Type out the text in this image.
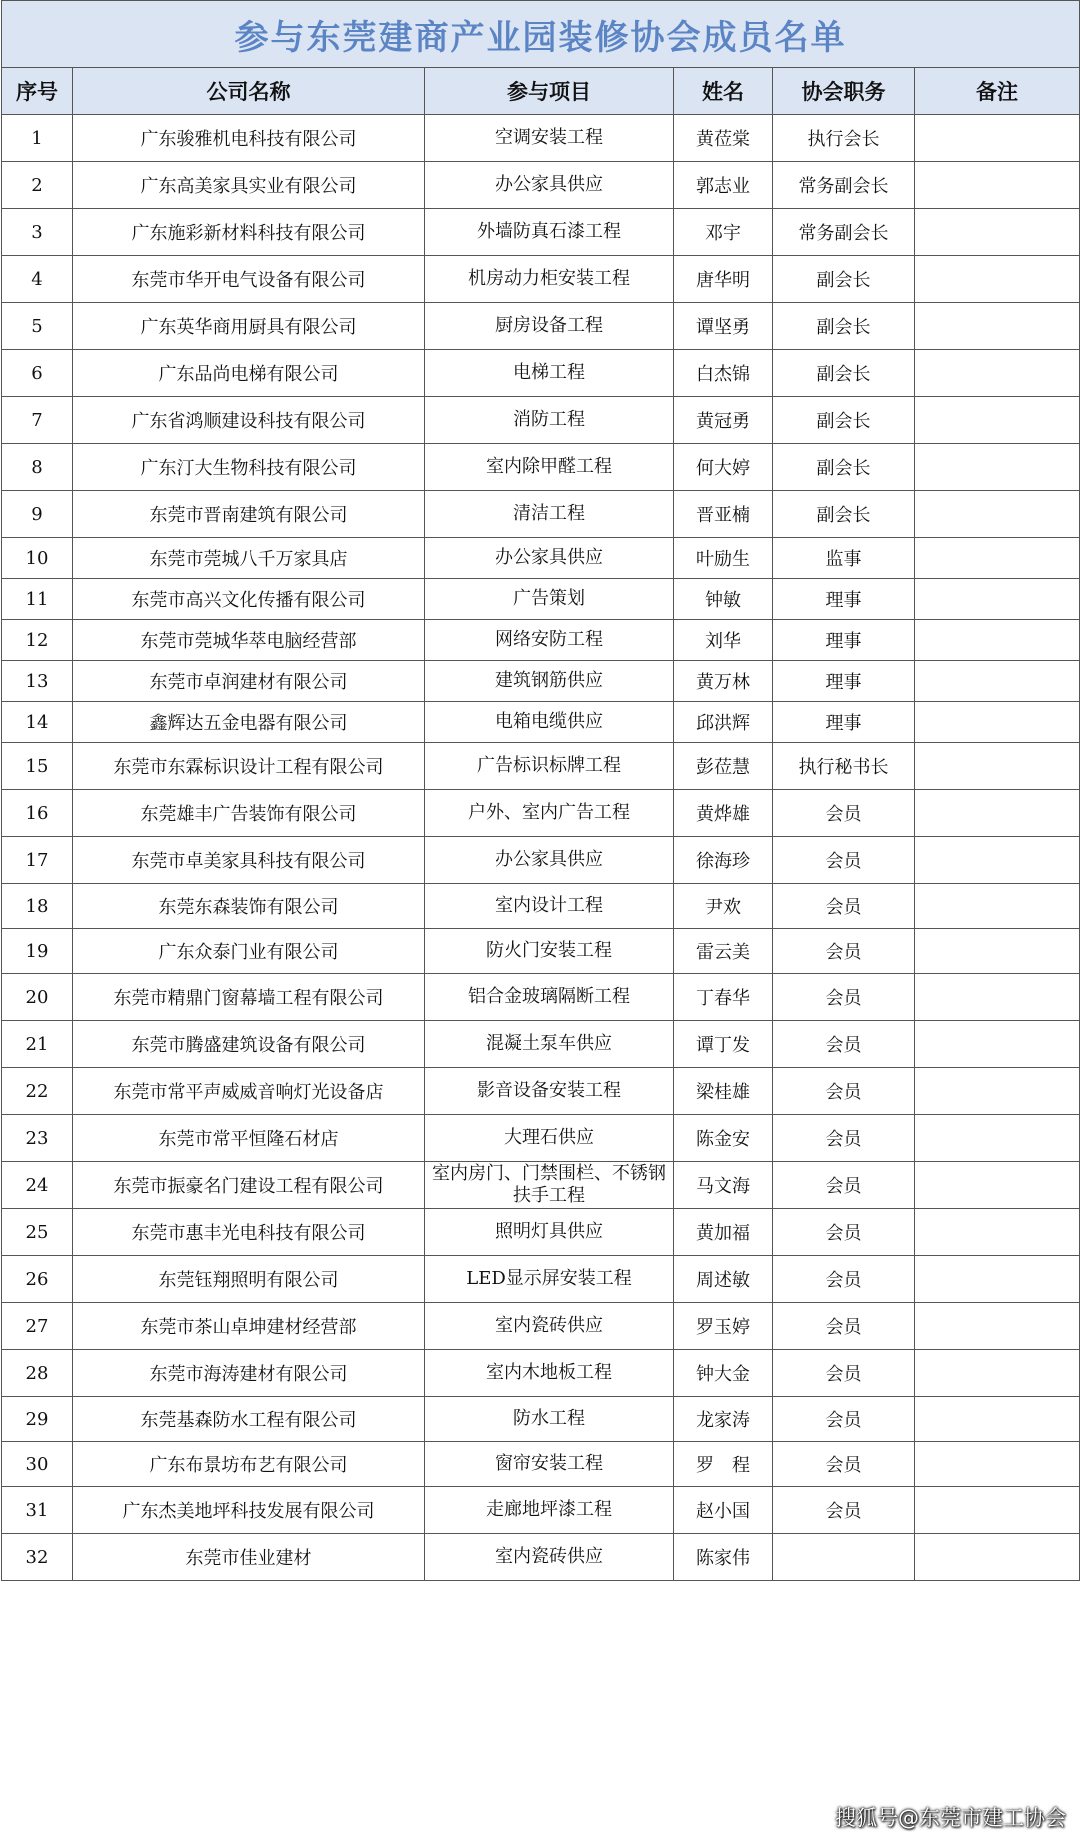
参与东莞建商产业园装修协会成员名单					
序号	公司名称	参与项目	姓名	协会职务	备注
1	广东骏雅机电科技有限公司	空调安装工程	黄莅棠	执行会长	
2	广东高美家具实业有限公司	办公家具供应	郭志业	常务副会长	
3	广东施彩新材料科技有限公司	外墙防真石漆工程	邓宇	常务副会长	
4	东莞市华开电气设备有限公司	机房动力柜安装工程	唐华明	副会长	
5	广东英华商用厨具有限公司	厨房设备工程	谭坚勇	副会长	
6	广东品尚电梯有限公司	电梯工程	白杰锦	副会长	
7	广东省鸿顺建设科技有限公司	消防工程	黄冠勇	副会长	
8	广东汀大生物科技有限公司	室内除甲醛工程	何大婷	副会长	
9	东莞市晋南建筑有限公司	清洁工程	晋亚楠	副会长	
10	东莞市莞城八千万家具店	办公家具供应	叶励生	监事	
11	东莞市高兴文化传播有限公司	广告策划	钟敏	理事	
12	东莞市莞城华萃电脑经营部	网络安防工程	刘华	理事	
13	东莞市卓润建材有限公司	建筑钢筋供应	黄万林	理事	
14	鑫辉达五金电器有限公司	电箱电缆供应	邱洪辉	理事	
15	东莞市东霖标识设计工程有限公司	广告标识标牌工程	彭莅慧	执行秘书长	
16	东莞雄丰广告装饰有限公司	户外、室内广告工程	黄烨雄	会员	
17	东莞市卓美家具科技有限公司	办公家具供应	徐海珍	会员	
18	东莞东森装饰有限公司	室内设计工程	尹欢	会员	
19	广东众泰门业有限公司	防火门安装工程	雷云美	会员	
20	东莞市精鼎门窗幕墙工程有限公司	铝合金玻璃隔断工程	丁春华	会员	
21	东莞市腾盛建筑设备有限公司	混凝土泵车供应	谭丁发	会员	
22	东莞市常平声威威音响灯光设备店	影音设备安装工程	梁桂雄	会员	
23	东莞市常平恒隆石材店	大理石供应	陈金安	会员	
24	东莞市振豪名门建设工程有限公司	室内房门、门禁围栏、不锈钢扶手工程	马文海	会员	
25	东莞市惠丰光电科技有限公司	照明灯具供应	黄加福	会员	
26	东莞钰翔照明有限公司	LED显示屏安装工程	周述敏	会员	
27	东莞市茶山卓坤建材经营部	室内瓷砖供应	罗玉婷	会员	
28	东莞市海涛建材有限公司	室内木地板工程	钟大金	会员	
29	东莞基森防水工程有限公司	防水工程	龙家涛	会员	
30	广东布景坊布艺有限公司	窗帘安装工程	罗　程	会员	
31	广东杰美地坪科技发展有限公司	走廊地坪漆工程	赵小国	会员	
32	东莞市佳业建材	室内瓷砖供应	陈家伟		
搜狐号@东莞市建工协会
